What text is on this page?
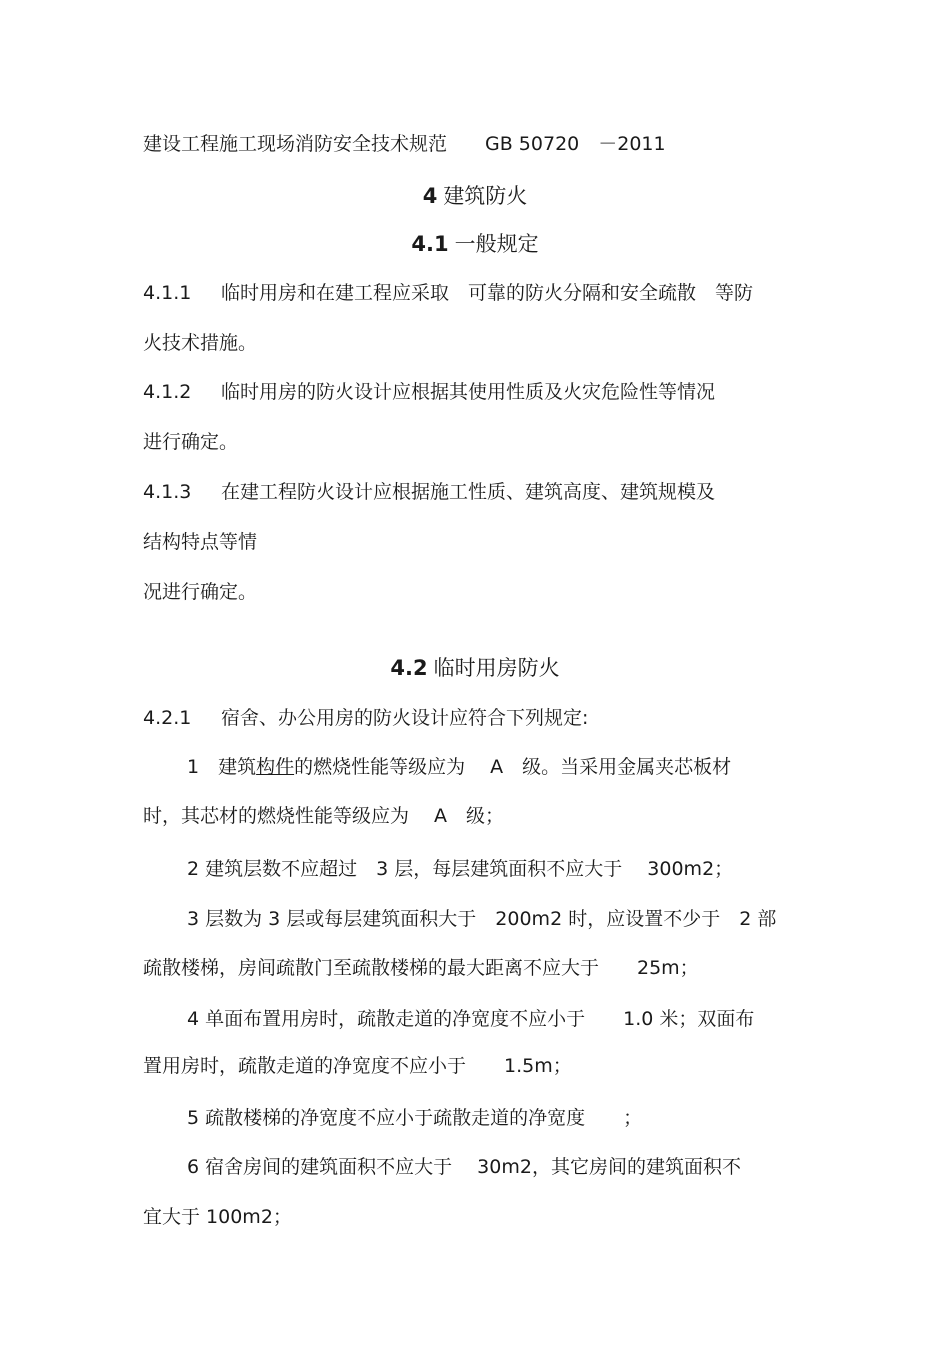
建设工程施工现场消防安全技术规范　　GB 50720　－2011
4 建筑防火
4.1 一般规定
4.1.1 临时用房和在建工程应采取　可靠的防火分隔和安全疏散　等防
火技术措施。
4.1.2 临时用房的防火设计应根据其使用性质及火灾危险性等情况
进行确定。
4.1.3 在建工程防火设计应根据施工性质、建筑高度、建筑规模及
结构特点等情
况进行确定。
4.2 临时用房防火
4.2.1 宿舍、办公用房的防火设计应符合下列规定:
1　建筑构件的燃烧性能等级应为　 A　级。当采用金属夹芯板材
时，其芯材的燃烧性能等级应为　 A　级；
2 建筑层数不应超过　3 层，每层建筑面积不应大于　 300m2；
3 层数为 3 层或每层建筑面积大于　200m2 时，应设置不少于　2 部
疏散楼梯，房间疏散门至疏散楼梯的最大距离不应大于　　25m；
4 单面布置用房时，疏散走道的净宽度不应小于　　1.0 米；双面布
置用房时，疏散走道的净宽度不应小于　　1.5m；
5 疏散楼梯的净宽度不应小于疏散走道的净宽度　　；
6 宿舍房间的建筑面积不应大于　 30m2，其它房间的建筑面积不
宜大于 100m2；
